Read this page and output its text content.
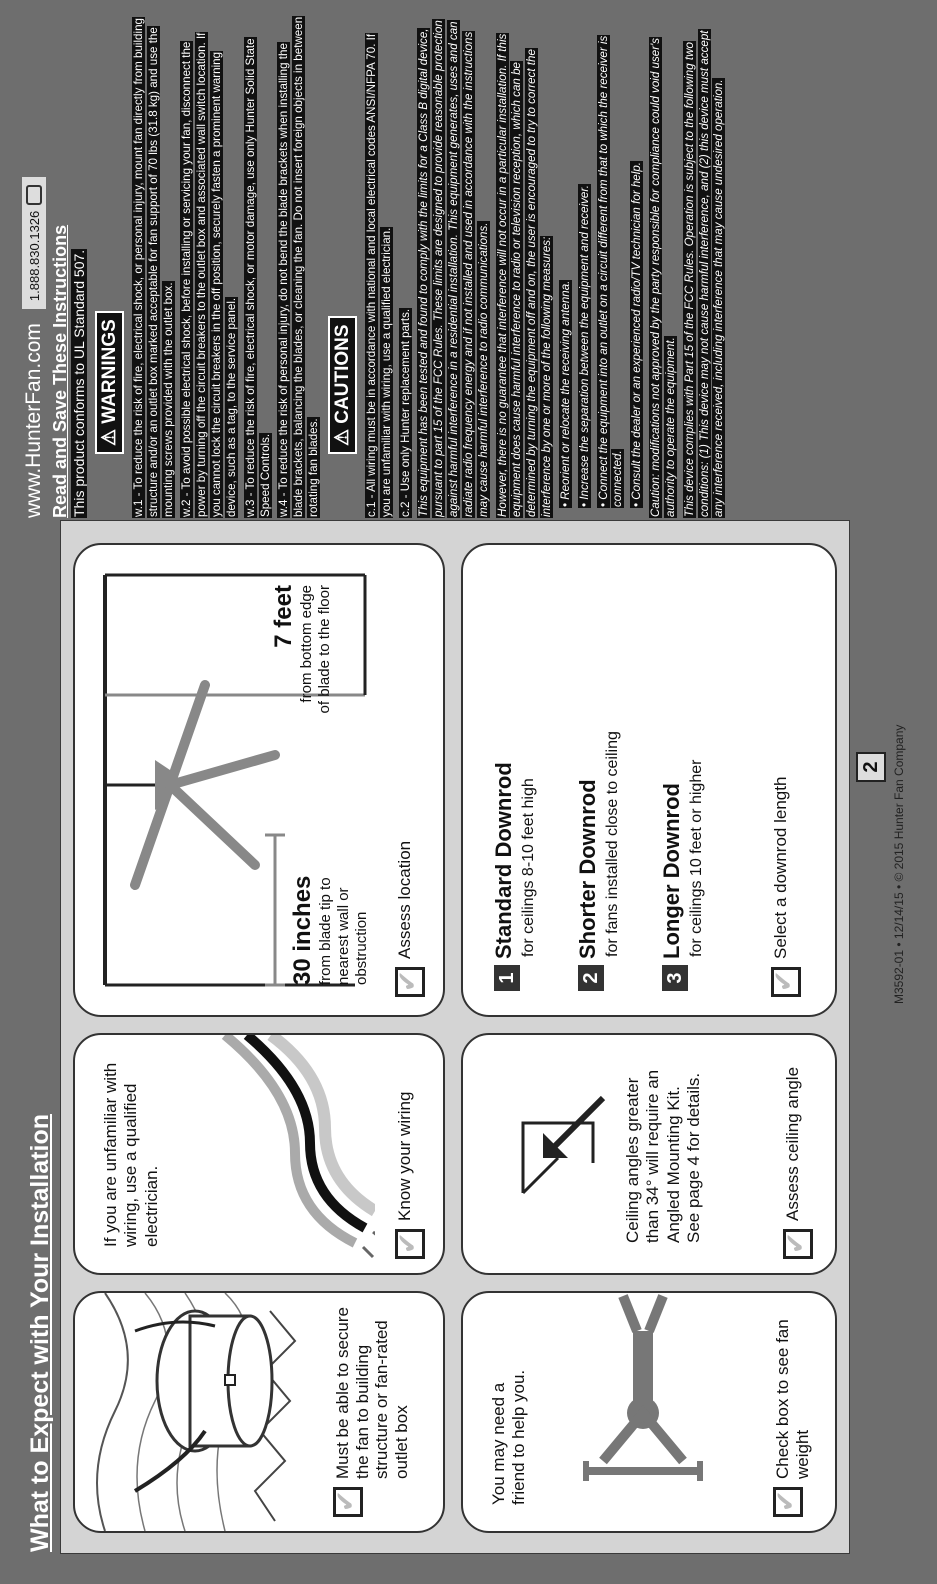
What to Expect with Your Installation
✔	Must be able to secure the fan to building structure or fan-rated outlet box
If you are unfamiliar with wiring, use a qualified electrician.
✔	Know your wiring
30 inches from blade tip to nearest wall or obstruction
7 feet from bottom edge of blade to the floor
✔
Assess location
You may need a friend to help you.
✔	Check box to see fan weight
Ceiling angles greater than 34° will require an Angled Mounting Kit. See page 4 for details.
✔	Assess ceiling angle
1Standard Downrod for ceilings 8-10 feet high
2Shorter Downrod for fans installed close to ceiling
3Longer Downrod for ceilings 10 feet or higher
✔	Select a downrod length
2 M3592-01 • 12/14/15 • © 2015 Hunter Fan Company
www.HunterFan.com
1.888.830.1326 Read and Save These Instructions This product conforms to UL Standard 507. ⚠ WARNINGS	w.1 - To reduce the risk of fire, electrical shock, or personal injury, mount fan directly from building structure and/or an outlet box marked acceptable for fan support of 70 lbs (31.8 kg) and use the mounting screws provided with the outlet box. w.2 - To avoid possible electrical shock, before installing or servicing your fan, disconnect the power by turning off the circuit breakers to the outlet box and associated wall switch location. If you cannot lock the circuit breakers in the off position, securely fasten a prominent warning device, such as a tag, to the service panel. w.3 - To reduce the risk of fire, electrical shock, or motor damage, use only Hunter Solid State Speed Controls. w.4 - To reduce the risk of personal injury, do not bend the blade brackets when installing the blade brackets, balancing the blades, or cleaning the fan. Do not insert foreign objects in between rotating fan blades.

⚠ CAUTIONS	c.1 - All wiring must be in accordance with national and local electrical codes ANSI/NFPA 70. If you are unfamiliar with wiring, use a qualified electrician. c.2 - Use only Hunter replacement parts. This equipment has been tested and found to comply with the limits for a Class B digital device, pursuant to part 15 of the FCC Rules. These limits are designed to provide reasonable protection against harmful interference in a residential installation. This equipment generates, uses and can radiate radio frequency energy and if not installed and used in accordance with the instructions may cause harmful interference to radio communications. However, there is no guarantee that interference will not occur in a particular installation. If this equipment does cause harmful interference to radio or television reception, which can be determined by turning the equipment off and on, the user is encouraged to try to correct the interference by one or more of the following measures: • Reorient or relocate the receiving antenna. • Increase the separation between the equipment and receiver. • Connect the equipment into an outlet on a circuit different from that to which the receiver is connected. • Consult the dealer or an experienced radio/TV technician for help. Caution: modifications not approved by the party responsible for compliance could void user's authority to operate the equipment. This device complies with Part 15 of the FCC Rules. Operation is subject to the following two conditions: (1) This device may not cause harmful interference, and (2) this device must accept any interference received, including interference that may cause undesired operation.
